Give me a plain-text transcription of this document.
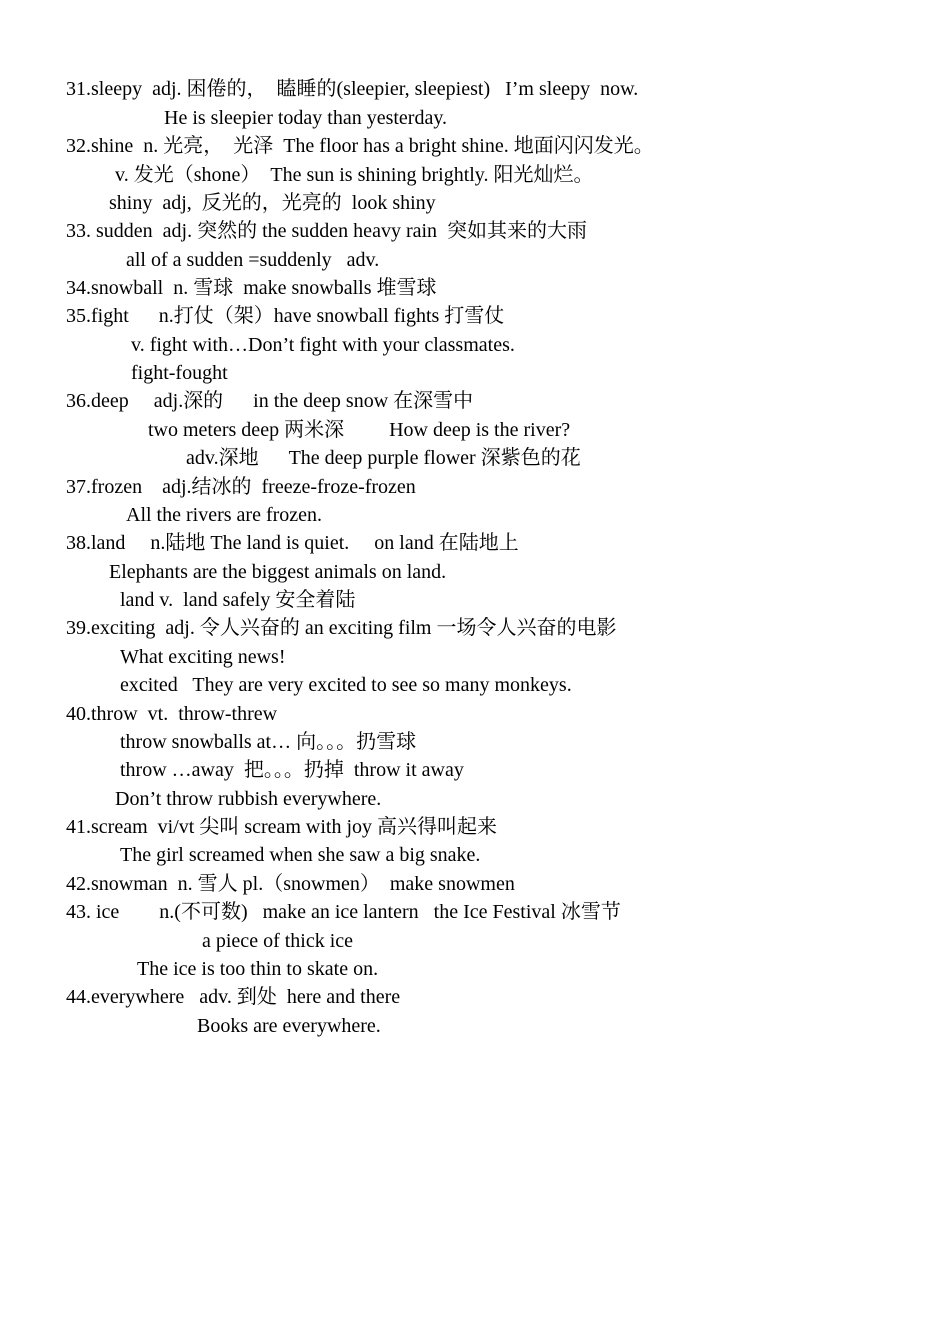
31.sleepy  adj. 困倦的，  瞌睡的(sleepier, sleepiest)   I’m sleepy  now.
He is sleepier today than yesterday.
32.shine  n. 光亮，  光泽  The floor has a bright shine. 地面闪闪发光。
v. 发光（shone）  The sun is shining brightly. 阳光灿烂。
shiny  adj,  反光的，光亮的  look shiny
33. sudden  adj. 突然的 the sudden heavy rain  突如其来的大雨
all of a sudden =suddenly   adv.
34.snowball  n. 雪球  make snowballs 堆雪球
35.fight      n.打仗（架）have snowball fights 打雪仗
v. fight with…Don’t fight with your classmates.
fight-fought
36.deep     adj.深的      in the deep snow 在深雪中
two meters deep 两米深         How deep is the river?
adv.深地      The deep purple flower 深紫色的花
37.frozen    adj.结冰的  freeze-froze-frozen
All the rivers are frozen.
38.land     n.陆地 The land is quiet.     on land 在陆地上
Elephants are the biggest animals on land.
land v.  land safely 安全着陆
39.exciting  adj. 令人兴奋的 an exciting film 一场令人兴奋的电影
What exciting news!
excited   They are very excited to see so many monkeys.
40.throw  vt.  throw-threw
throw snowballs at… 向。。。扔雪球
throw …away  把。。。扔掉  throw it away
Don’t throw rubbish everywhere.
41.scream  vi/vt 尖叫 scream with joy 高兴得叫起来
The girl screamed when she saw a big snake.
42.snowman  n. 雪人 pl.（snowmen）  make snowmen
43. ice        n.(不可数)   make an ice lantern   the Ice Festival 冰雪节
a piece of thick ice
The ice is too thin to skate on.
44.everywhere   adv. 到处  here and there
Books are everywhere.
